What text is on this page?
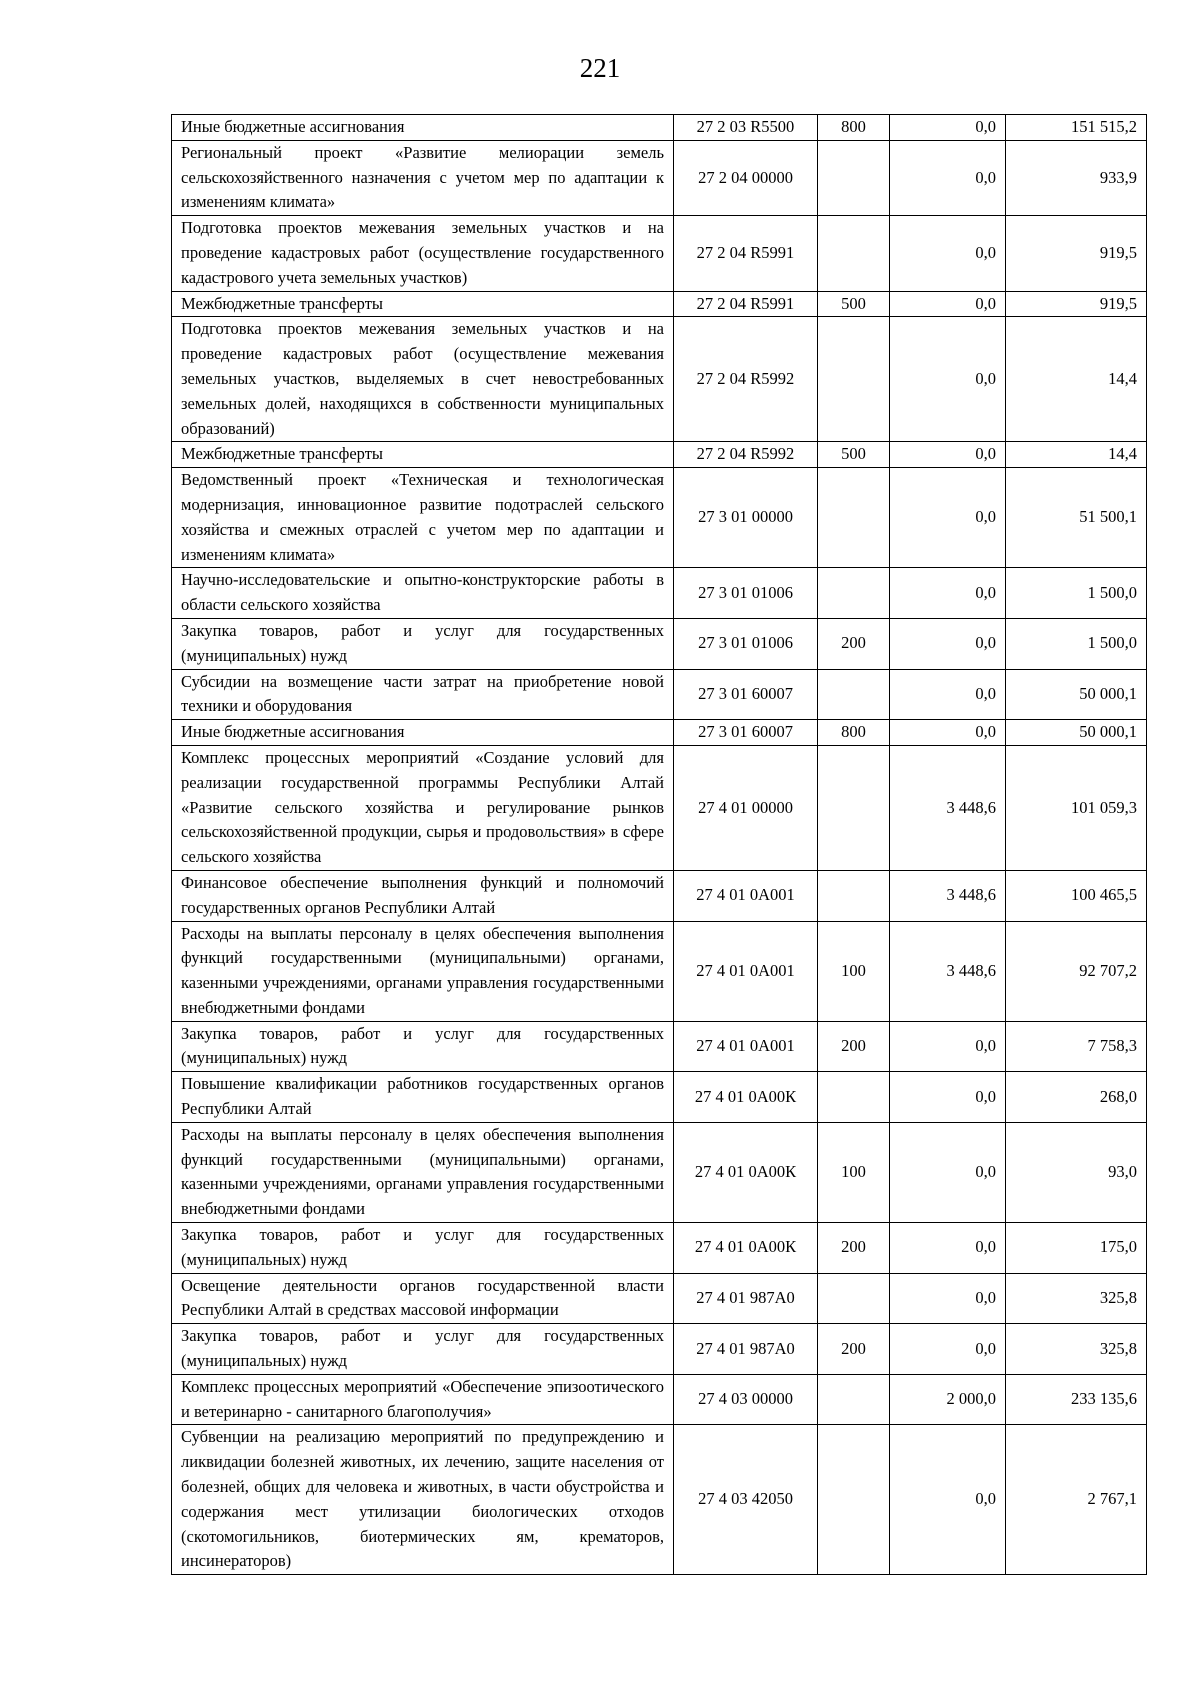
221
Иные бюджетные ассигнования	27 2 03 R5500	800	0,0	151 515,2
Региональный проект «Развитие мелиорации земель сельскохозяйственного назначения с учетом мер по адаптации к изменениям климата»	27 2 04 00000		0,0	933,9
Подготовка проектов межевания земельных участков и на проведение кадастровых работ (осуществление государственного кадастрового учета земельных участков)	27 2 04 R5991		0,0	919,5
Межбюджетные трансферты	27 2 04 R5991	500	0,0	919,5
Подготовка проектов межевания земельных участков и на проведение кадастровых работ (осуществление межевания земельных участков, выделяемых в счет невостребованных земельных долей, находящихся в собственности муниципальных образований)	27 2 04 R5992		0,0	14,4
Межбюджетные трансферты	27 2 04 R5992	500	0,0	14,4
Ведомственный проект «Техническая и технологическая модернизация, инновационное развитие подотраслей сельского хозяйства и смежных отраслей с учетом мер по адаптации и изменениям климата»	27 3 01 00000		0,0	51 500,1
Научно-исследовательские и опытно-конструкторские работы в области сельского хозяйства	27 3 01 01006		0,0	1 500,0
Закупка товаров, работ и услуг для государственных (муниципальных) нужд	27 3 01 01006	200	0,0	1 500,0
Субсидии на возмещение части затрат на приобретение новой техники и оборудования	27 3 01 60007		0,0	50 000,1
Иные бюджетные ассигнования	27 3 01 60007	800	0,0	50 000,1
Комплекс процессных мероприятий «Создание условий для реализации государственной программы Республики Алтай «Развитие сельского хозяйства и регулирование рынков сельскохозяйственной продукции, сырья и продовольствия» в сфере сельского хозяйства	27 4 01 00000		3 448,6	101 059,3
Финансовое обеспечение выполнения функций и полномочий государственных органов Республики Алтай	27 4 01 0А001		3 448,6	100 465,5
Расходы на выплаты персоналу в целях обеспечения выполнения функций государственными (муниципальными) органами, казенными учреждениями, органами управления государственными внебюджетными фондами	27 4 01 0А001	100	3 448,6	92 707,2
Закупка товаров, работ и услуг для государственных (муниципальных) нужд	27 4 01 0А001	200	0,0	7 758,3
Повышение квалификации работников государственных органов Республики Алтай	27 4 01 0А00К		0,0	268,0
Расходы на выплаты персоналу в целях обеспечения выполнения функций государственными (муниципальными) органами, казенными учреждениями, органами управления государственными внебюджетными фондами	27 4 01 0А00К	100	0,0	93,0
Закупка товаров, работ и услуг для государственных (муниципальных) нужд	27 4 01 0А00К	200	0,0	175,0
Освещение деятельности органов государственной власти Республики Алтай в средствах массовой информации	27 4 01 987А0		0,0	325,8
Закупка товаров, работ и услуг для государственных (муниципальных) нужд	27 4 01 987А0	200	0,0	325,8
Комплекс процессных мероприятий «Обеспечение эпизоотического и ветеринарно - санитарного благополучия»	27 4 03 00000		2 000,0	233 135,6
Субвенции на реализацию мероприятий по предупреждению и ликвидации болезней животных, их лечению, защите населения от болезней, общих для человека и животных, в части обустройства и содержания мест утилизации биологических отходов (скотомогильников, биотермических ям, крематоров, инсинераторов)	27 4 03 42050		0,0	2 767,1
